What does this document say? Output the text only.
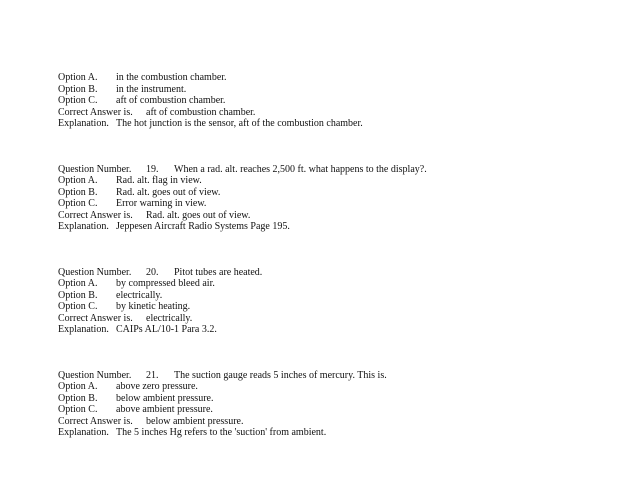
Option A.	in the combustion chamber.
Option B.	in the instrument.
Option C.	aft of combustion chamber.
Correct Answer is.	aft of combustion chamber.
Explanation. The hot junction is the sensor, aft of the combustion chamber.
Question Number.	19.	When a rad. alt. reaches 2,500 ft. what happens to the display?.
Option A.	Rad. alt. flag in view.
Option B.	Rad. alt. goes out of view.
Option C.	Error warning in view.
Correct Answer is.	Rad. alt. goes out of view.
Explanation. Jeppesen Aircraft Radio Systems Page 195.
Question Number.	20.	Pitot tubes are heated.
Option A.	by compressed bleed air.
Option B.	electrically.
Option C.	by kinetic heating.
Correct Answer is.	electrically.
Explanation. CAIPs AL/10-1 Para 3.2.
Question Number.	21.	The suction gauge reads 5 inches of mercury. This is.
Option A.	above zero pressure.
Option B.	below ambient pressure.
Option C.	above ambient pressure.
Correct Answer is.	below ambient pressure.
Explanation. The 5 inches Hg refers to the 'suction' from ambient.
